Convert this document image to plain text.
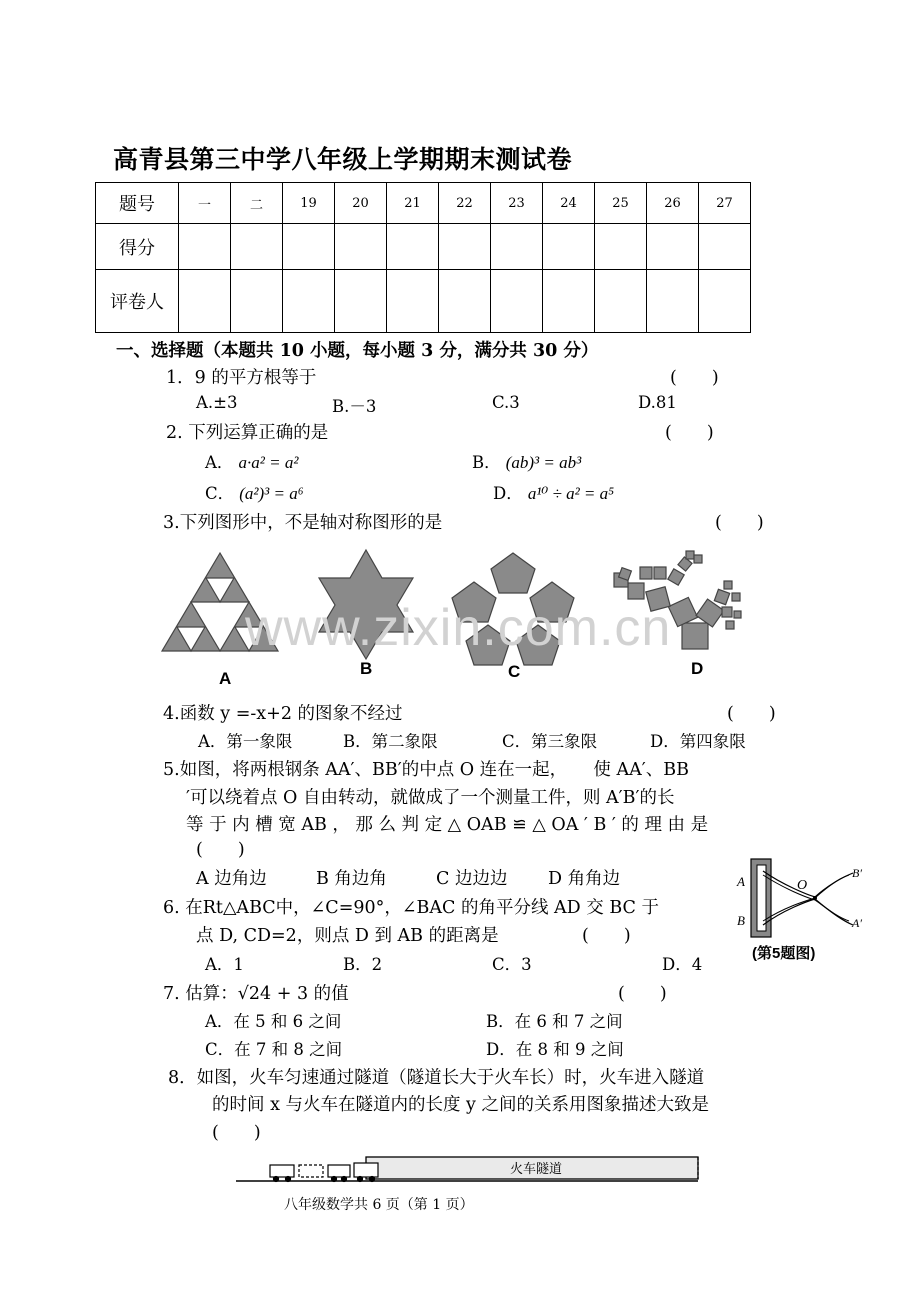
高青县第三中学八年级上学期期末测试卷
题号	一	二	19	20	21	22	23	24	25	26	27
得分											
评卷人											
一、选择题（本题共 10 小题，每小题 3 分，满分共 30 分）
1．9 的平方根等于	(　　)
A.±3	B.－3	C.3	D.81
2. 下列运算正确的是	(　　)
A． a·a² = a²	B． (ab)³ = ab³
C． (a²)³ = a⁶	D． a¹⁰ ÷ a² = a⁵
3.下列图形中，不是轴对称图形的是	(　　)
www.zixin.com.cn
A
B	C	D
4.函数 y =-x+2 的图象不经过	(　　)
A．第一象限	B．第二象限	C．第三象限	D．第四象限
5.如图，将两根钢条 AA′、BB′的中点 O 连在一起，　　使 AA′、BB
′可以绕着点 O 自由转动，就做成了一个测量工件，则 A′B′的长
等 于 内 槽 宽 AB ， 那 么 判 定 △ OAB ≌ △ OA ′ B ′ 的 理 由 是
(　　)
A 边角边	B 角边角	C 边边边 D 角角边	A
B
O
B′
A′
(第5题图)
6. 在Rt△ABC中，∠C=90°，∠BAC 的角平分线 AD 交 BC 于
点 D, CD=2，则点 D 到 AB 的距离是	(　　)
A．1	B．2	C．3	D．4
7. 估算：√24 + 3 的值	(　　)
A．在 5 和 6 之间	B．在 6 和 7 之间
C．在 7 和 8 之间	D．在 8 和 9 之间
8．如图，火车匀速通过隧道（隧道长大于火车长）时，火车进入隧道
的时间 x 与火车在隧道内的长度 y 之间的关系用图象描述大致是
(　　)
火车隧道
八年级数学共 6 页（第 1 页）
